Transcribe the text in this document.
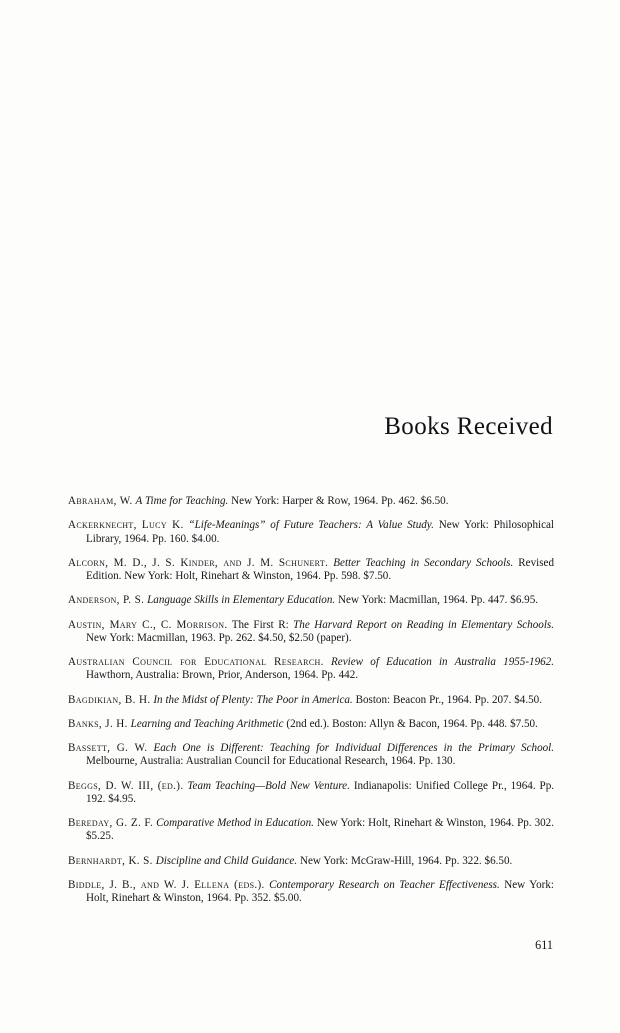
Books Received

Abraham, W. A Time for Teaching. New York: Harper & Row, 1964. Pp. 462. $6.50.

Ackerknecht, Lucy K. “Life-Meanings” of Future Teachers: A Value Study. New York: Philosophical Library, 1964. Pp. 160. $4.00.

Alcorn, M. D., J. S. Kinder, and J. M. Schunert. Better Teaching in Secondary Schools. Revised Edition. New York: Holt, Rinehart & Winston, 1964. Pp. 598. $7.50.

Anderson, P. S. Language Skills in Elementary Education. New York: Macmillan, 1964. Pp. 447. $6.95.

Austin, Mary C., C. Morrison. The First R: The Harvard Report on Reading in Elementary Schools. New York: Macmillan, 1963. Pp. 262. $4.50, $2.50 (paper).

Australian Council for Educational Research. Review of Education in Australia 1955-1962. Hawthorn, Australia: Brown, Prior, Anderson, 1964. Pp. 442.

Bagdikian, B. H. In the Midst of Plenty: The Poor in America. Boston: Beacon Pr., 1964. Pp. 207. $4.50.

Banks, J. H. Learning and Teaching Arithmetic (2nd ed.). Boston: Allyn & Bacon, 1964. Pp. 448. $7.50.

Bassett, G. W. Each One is Different: Teaching for Individual Differences in the Primary School. Melbourne, Australia: Australian Council for Educational Research, 1964. Pp. 130.

Beggs, D. W. III, (ed.). Team Teaching—Bold New Venture. Indianapolis: Unified College Pr., 1964. Pp. 192. $4.95.

Bereday, G. Z. F. Comparative Method in Education. New York: Holt, Rinehart & Winston, 1964. Pp. 302. $5.25.

Bernhardt, K. S. Discipline and Child Guidance. New York: McGraw-Hill, 1964. Pp. 322. $6.50.

Biddle, J. B., and W. J. Ellena (eds.). Contemporary Research on Teacher Effectiveness. New York: Holt, Rinehart & Winston, 1964. Pp. 352. $5.00.

611
